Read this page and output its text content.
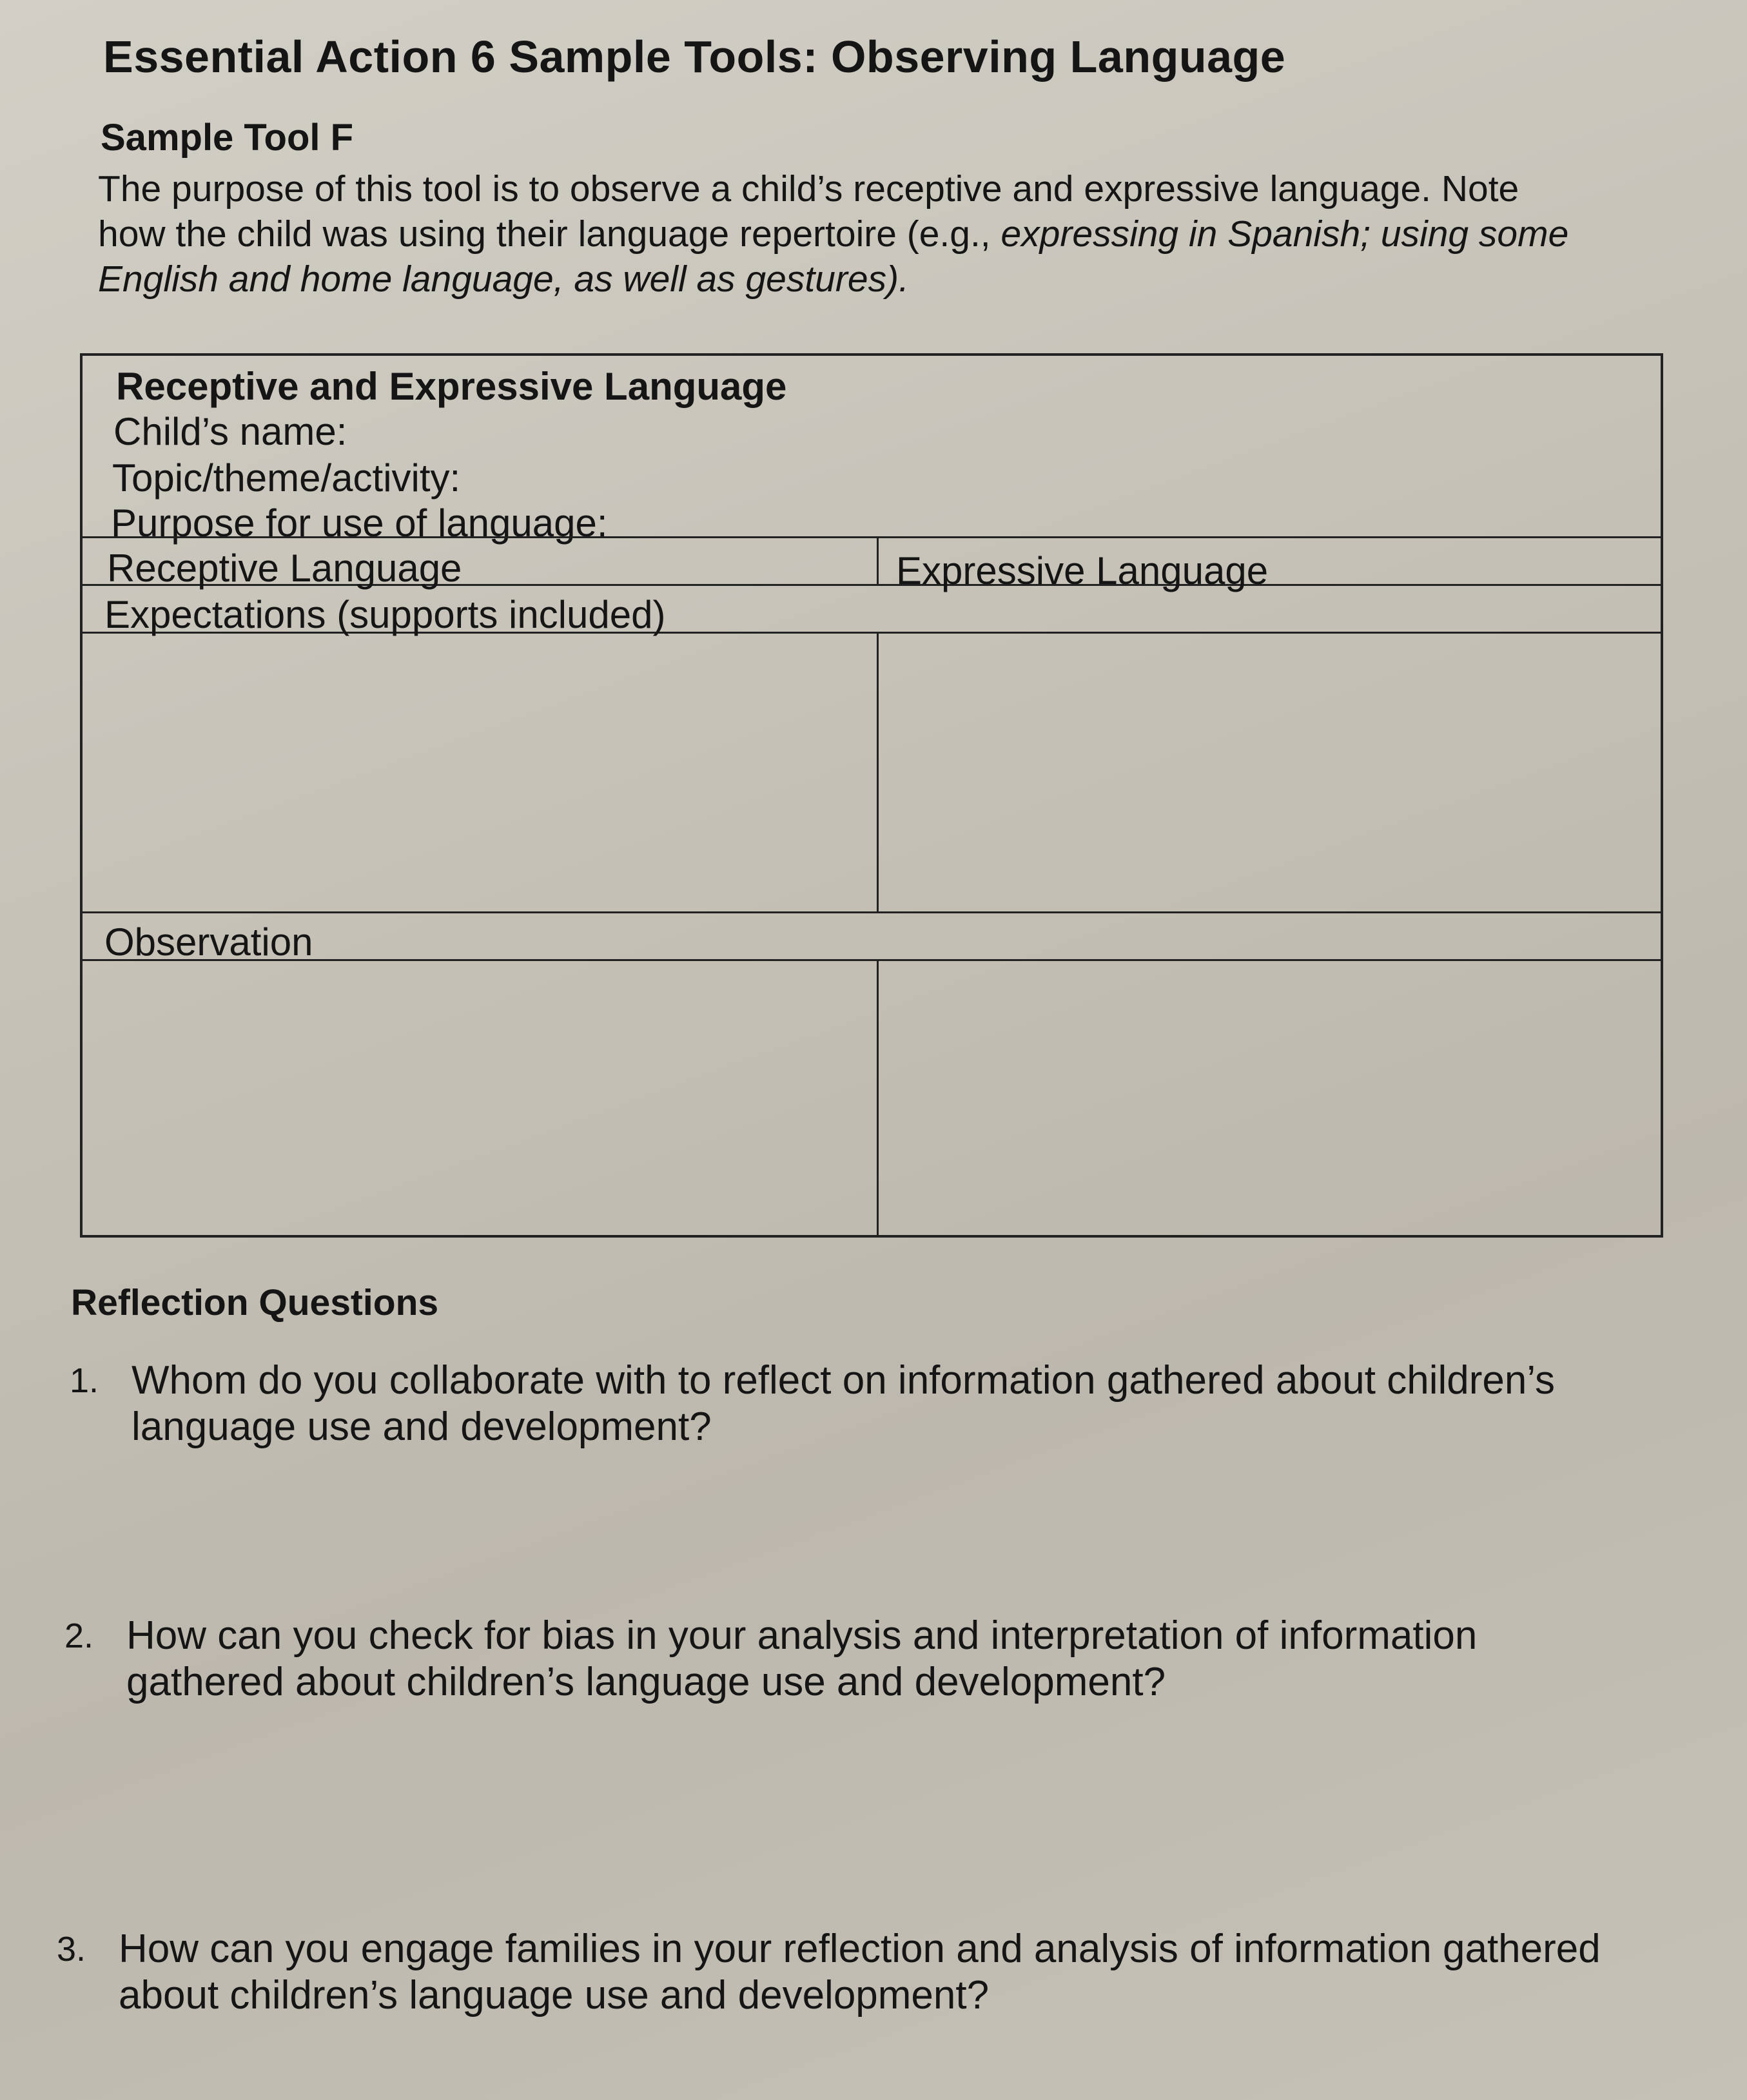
Essential Action 6 Sample Tools: Observing Language
Sample Tool F
The purpose of this tool is to observe a child’s receptive and expressive language. Note
how the child was using their language repertoire (e.g., expressing in Spanish; using some
English and home language, as well as gestures).
Receptive and Expressive Language
Child’s name:
Topic/theme/activity:
Purpose for use of language:
Receptive Language	Expressive Language
Expectations (supports included)
Observation
Reflection Questions
1. Whom do you collaborate with to reflect on information gathered about children’s
language use and development?
2. How can you check for bias in your analysis and interpretation of information
gathered about children’s language use and development?
3. How can you engage families in your reflection and analysis of information gathered
about children’s language use and development?
